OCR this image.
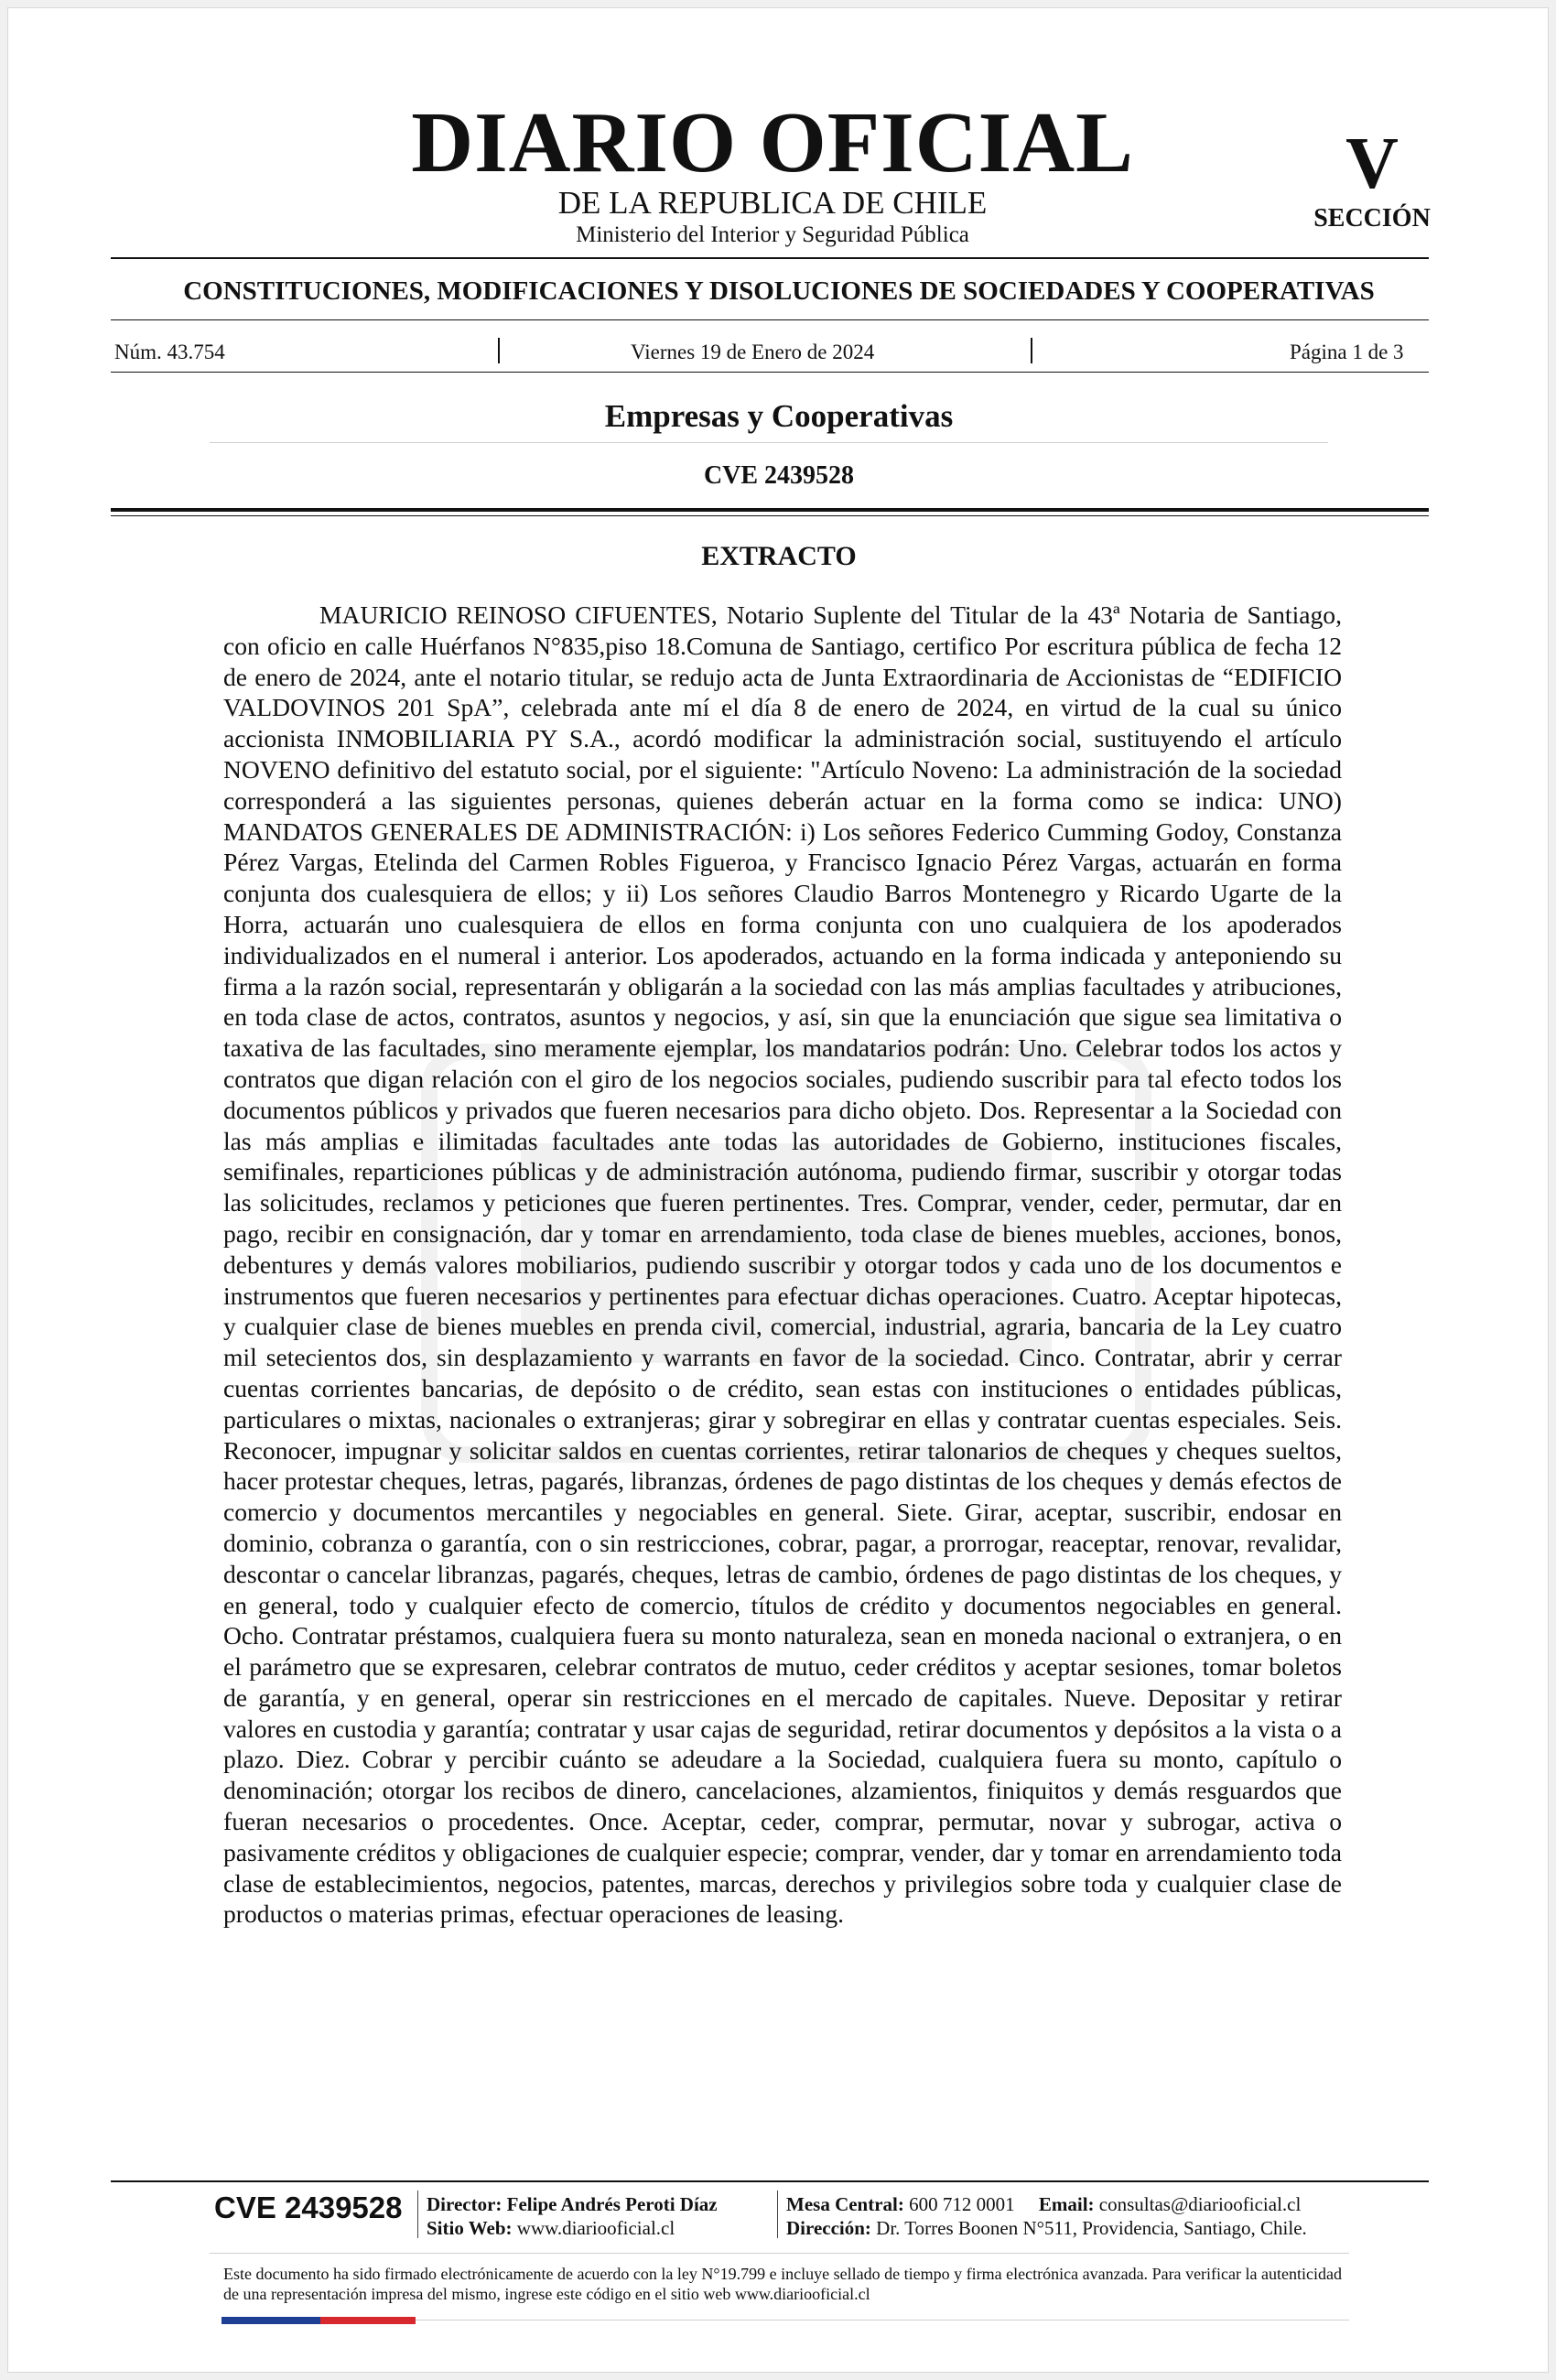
DIARIO OFICIAL
DE LA REPUBLICA DE CHILE
Ministerio del Interior y Seguridad Pública
V
SECCIÓN
CONSTITUCIONES, MODIFICACIONES Y DISOLUCIONES DE SOCIEDADES Y COOPERATIVAS
Núm. 43.754	Viernes 19 de Enero de 2024	Página 1 de 3
Empresas y Cooperativas
CVE 2439528
EXTRACTO

MAURICIO REINOSO CIFUENTES, Notario Suplente del Titular de la 43ª Notaria de Santiago, con oficio en calle Huérfanos N°835,piso 18.Comuna de Santiago, certifico Por escritura pública de fecha 12 de enero de 2024, ante el notario titular, se redujo acta de Junta Extraordinaria de Accionistas de “EDIFICIO VALDOVINOS 201 SpA”, celebrada ante mí el día 8 de enero de 2024, en virtud de la cual su único accionista INMOBILIARIA PY S.A., acordó modificar la administración social, sustituyendo el artículo NOVENO definitivo del estatuto social, por el siguiente: "Artículo Noveno: La administración de la sociedad corresponderá a las siguientes personas, quienes deberán actuar en la forma como se indica: UNO) MANDATOS GENERALES DE ADMINISTRACIÓN: i) Los señores Federico Cumming Godoy, Constanza Pérez Vargas, Etelinda del Carmen Robles Figueroa, y Francisco Ignacio Pérez Vargas, actuarán en forma conjunta dos cualesquiera de ellos; y ii) Los señores Claudio Barros Montenegro y Ricardo Ugarte de la Horra, actuarán uno cualesquiera de ellos en forma conjunta con uno cualquiera de los apoderados individualizados en el numeral i anterior. Los apoderados, actuando en la forma indicada y anteponiendo su firma a la razón social, representarán y obligarán a la sociedad con las más amplias facultades y atribuciones, en toda clase de actos, contratos, asuntos y negocios, y así, sin que la enunciación que sigue sea limitativa o taxativa de las facultades, sino meramente ejemplar, los mandatarios podrán: Uno. Celebrar todos los actos y contratos que digan relación con el giro de los negocios sociales, pudiendo suscribir para tal efecto todos los documentos públicos y privados que fueren necesarios para dicho objeto. Dos. Representar a la Sociedad con las más amplias e ilimitadas facultades ante todas las autoridades de Gobierno, instituciones fiscales, semifinales, reparticiones públicas y de administración autónoma, pudiendo firmar, suscribir y otorgar todas las solicitudes, reclamos y peticiones que fueren pertinentes. Tres. Comprar, vender, ceder, permutar, dar en pago, recibir en consignación, dar y tomar en arrendamiento, toda clase de bienes muebles, acciones, bonos, debentures y demás valores mobiliarios, pudiendo suscribir y otorgar todos y cada uno de los documentos e instrumentos que fueren necesarios y pertinentes para efectuar dichas operaciones. Cuatro. Aceptar hipotecas, y cualquier clase de bienes muebles en prenda civil, comercial, industrial, agraria, bancaria de la Ley cuatro mil setecientos dos, sin desplazamiento y warrants en favor de la sociedad. Cinco. Contratar, abrir y cerrar cuentas corrientes bancarias, de depósito o de crédito, sean estas con instituciones o entidades públicas, particulares o mixtas, nacionales o extranjeras; girar y sobregirar en ellas y contratar cuentas especiales. Seis. Reconocer, impugnar y solicitar saldos en cuentas corrientes, retirar talonarios de cheques y cheques sueltos, hacer protestar cheques, letras, pagarés, libranzas, órdenes de pago distintas de los cheques y demás efectos de comercio y documentos mercantiles y negociables en general. Siete. Girar, aceptar, suscribir, endosar en dominio, cobranza o garantía, con o sin restricciones, cobrar, pagar, a prorrogar, reaceptar, renovar, revalidar, descontar o cancelar libranzas, pagarés, cheques, letras de cambio, órdenes de pago distintas de los cheques, y en general, todo y cualquier efecto de comercio, títulos de crédito y documentos negociables en general. Ocho. Contratar préstamos, cualquiera fuera su monto naturaleza, sean en moneda nacional o extranjera, o en el parámetro que se expresaren, celebrar contratos de mutuo, ceder créditos y aceptar sesiones, tomar boletos de garantía, y en general, operar sin restricciones en el mercado de capitales. Nueve. Depositar y retirar valores en custodia y garantía; contratar y usar cajas de seguridad, retirar documentos y depósitos a la vista o a plazo. Diez. Cobrar y percibir cuánto se adeudare a la Sociedad, cualquiera fuera su monto, capítulo o denominación; otorgar los recibos de dinero, cancelaciones, alzamientos, finiquitos y demás resguardos que fueran necesarios o procedentes. Once. Aceptar, ceder, comprar, permutar, novar y subrogar, activa o pasivamente créditos y obligaciones de cualquier especie; comprar, vender, dar y tomar en arrendamiento toda clase de establecimientos, negocios, patentes, marcas, derechos y privilegios sobre toda y cualquier clase de productos o materias primas, efectuar operaciones de leasing.

CVE 2439528 Director: Felipe Andrés Peroti Díaz
Sitio Web: www.diariooficial.cl
Mesa Central: 600 712 0001 Email: consultas@diariooficial.cl
Dirección: Dr. Torres Boonen N°511, Providencia, Santiago, Chile.

Este documento ha sido firmado electrónicamente de acuerdo con la ley N°19.799 e incluye sellado de tiempo y firma electrónica avanzada. Para verificar la autenticidad de una representación impresa del mismo, ingrese este código en el sitio web www.diariooficial.cl
